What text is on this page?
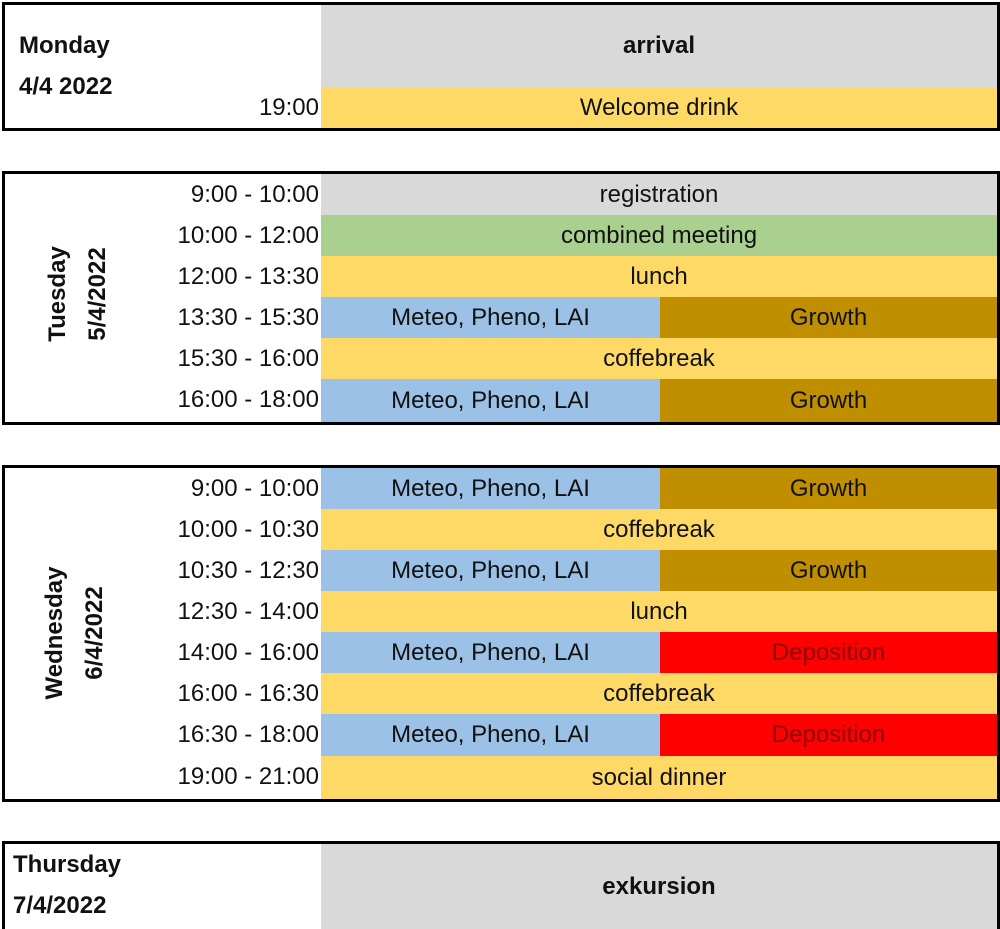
Monday
4/4 2022
arrival
19:00	Welcome drink
Tuesday 5/4/2022
9:00 - 10:00	registration
10:00 - 12:00	combined meeting
12:00 - 13:30	lunch
13:30 - 15:30	Meteo, Pheno, LAI	Growth
15:30 - 16:00	coffebreak
16:00 - 18:00	Meteo, Pheno, LAI	Growth
Wednesday 6/4/2022
9:00 - 10:00	Meteo, Pheno, LAI	Growth
10:00 - 10:30	coffebreak
10:30 - 12:30	Meteo, Pheno, LAI	Growth
12:30 - 14:00	lunch
14:00 - 16:00	Meteo, Pheno, LAI	Deposition
16:00 - 16:30	coffebreak
16:30 - 18:00	Meteo, Pheno, LAI	Deposition
19:00 - 21:00	social dinner
Thursday
7/4/2022
exkursion
